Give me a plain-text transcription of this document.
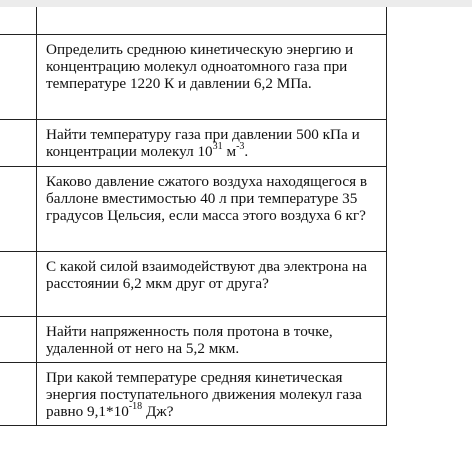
Определить среднюю кинетическую энергию и концентрацию молекул одноатомного газа при температуре 1220 К и давлении 6,2 МПа.
Найти температуру газа при давлении 500 кПа и концентрации молекул $10^{31}$ $м^{-3}$.
Каково давление сжатого воздуха находящегося в баллоне вместимостью 40 л при температуре 35 градусов Цельсия, если масса этого воздуха 6 кг?
С какой силой взаимодействуют два электрона на расстоянии 6,2 мкм друг от друга?
Найти напряженность поля протона в точке, удаленной от него на 5,2 мкм.
При какой температуре средняя кинетическая энергия поступательного движения молекул газа равно $9,1*10^{-18}$ Дж?
